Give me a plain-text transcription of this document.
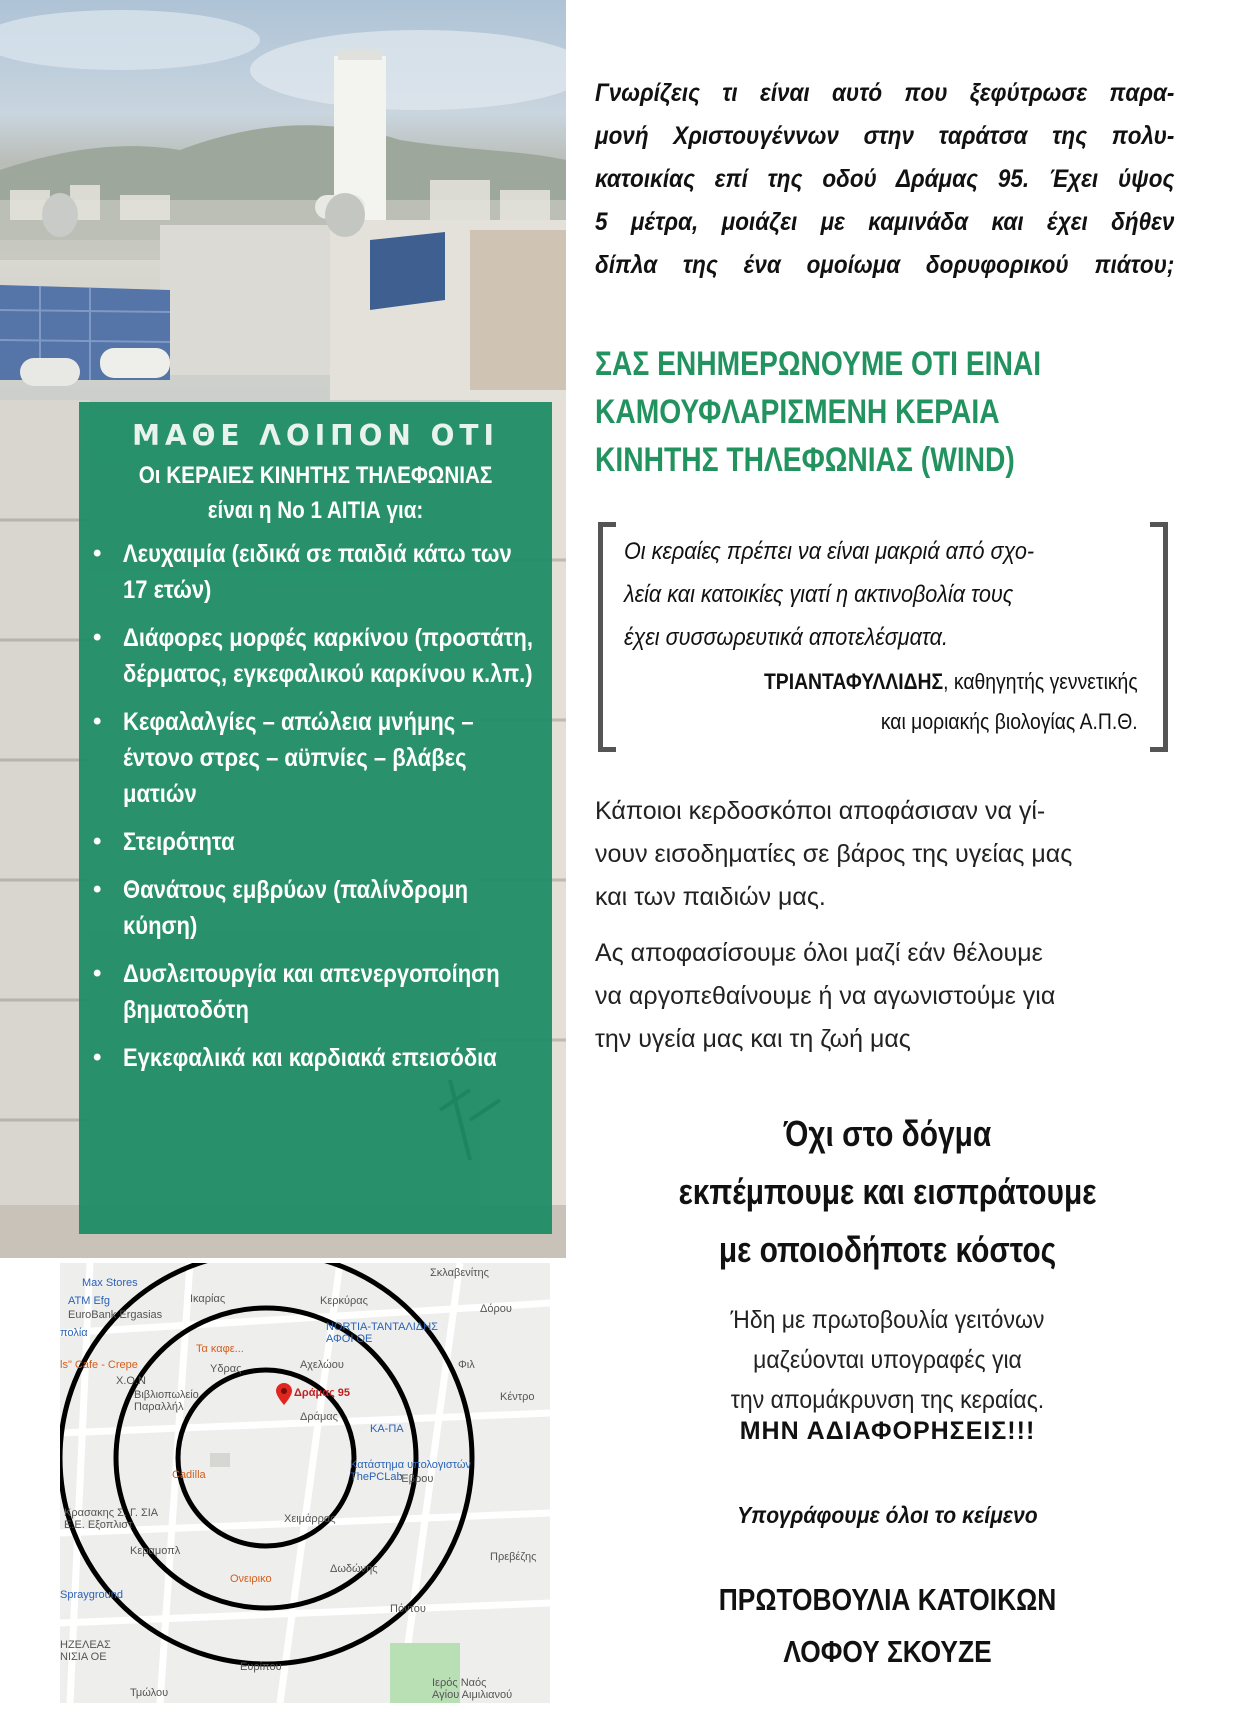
ΜΑΘΕ ΛΟΙΠΟΝ ΟΤΙ
Οι ΚΕΡΑΙΕΣ ΚΙΝΗΤΗΣ ΤΗΛΕΦΩΝΙΑΣ
είναι η Νο 1 ΑΙΤΙΑ για:
• Λευχαιμία (ειδικά σε παιδιά κάτω των 17 ετών)
• Διάφορες μορφές καρκίνου (προστάτη, δέρματος, εγκεφαλικού καρκίνου κ.λπ.)
• Κεφαλαλγίες – απώλεια μνήμης – έντονο στρες – αϋπνίες – βλάβες ματιών
• Στειρότητα
• Θανάτους εμβρύων (παλίνδρομη κύηση)
• Δυσλειτουργία και απενεργοποίηση βηματοδότη
• Εγκεφαλικά και καρδιακά επεισόδια
Δράμας 95
Max Stores
ATM Efg
EuroBank Ergasias
πολία
ls" Cafe - Crepe
Σκλαβενίτης
NORTIA-ΤΑΝΤΑΛΙΔΗΣ
ΑΦΟΙ ΟΕ
Τα καφε...
Χ.Ο.Ν
Βιβλιοπωλείο
Παραλλήλ
ΚΑ-ΠΑ
Κατάστημα υπολογιστών
ThePCLab
Cadilla
Κρασακης Σ. Γ. ΣΙΑ
Ε.Ε. Εξοπλιστ
Κεραμοπλ
Ονειρικο
Sprayground
ΗΖΕΛΕΑΣ
ΝΙΣΙΑ ΟΕ
Ιερός Ναός
Αγίου Αιμιλιανού
Χειμάρρας
Δράμας
Αχελώου
Ευρίπου
Τμώλου
Ικαρίας
Υδρας
Κερκύρας
Δωδώνης
Δόρου
Φιλ
Πόντου
Κέντρο
Πρεβέζης
Έβρου
Γνωρίζεις τι είναι αυτό που ξεφύτρωσε παρα-
μονή Χριστουγέννων στην ταράτσα της πολυ-
κατοικίας επί της οδού Δράμας 95. Έχει ύψος
5 μέτρα, μοιάζει με καμινάδα και έχει δήθεν
δίπλα της ένα ομοίωμα δορυφορικού πιάτου;
ΣΑΣ ΕΝΗΜΕΡΩΝΟΥΜΕ ΟΤΙ ΕΙΝΑΙ
ΚΑΜΟΥΦΛΑΡΙΣΜΕΝΗ ΚΕΡΑΙΑ
ΚΙΝΗΤΗΣ ΤΗΛΕΦΩΝΙΑΣ (WIND)
Οι κεραίες πρέπει να είναι μακριά από σχο-
λεία και κατοικίες γιατί η ακτινοβολία τους
έχει συσσωρευτικά αποτελέσματα.
ΤΡΙΑΝΤΑΦΥΛΛΙΔΗΣ, καθηγητής γεννετικής
και μοριακής βιολογίας Α.Π.Θ.
Κάποιοι κερδοσκόποι αποφάσισαν να γί-
νουν εισοδηματίες σε βάρος της υγείας μας
και των παιδιών μας.
Ας αποφασίσουμε όλοι μαζί εάν θέλουμε
να αργοπεθαίνουμε ή να αγωνιστούμε για
την υγεία μας και τη ζωή μας
Όχι στο δόγμα
εκπέμπουμε και εισπράτουμε
με οποιοδήποτε κόστος
Ήδη με πρωτοβουλία γειτόνων
μαζεύονται υπογραφές για
την απομάκρυνση της κεραίας.
ΜΗΝ ΑΔΙΑΦΟΡΗΣΕΙΣ!!!
Υπογράφουμε όλοι το κείμενο
ΠΡΩΤΟΒΟΥΛΙΑ ΚΑΤΟΙΚΩΝ
ΛΟΦΟΥ ΣΚΟΥΖΕ
